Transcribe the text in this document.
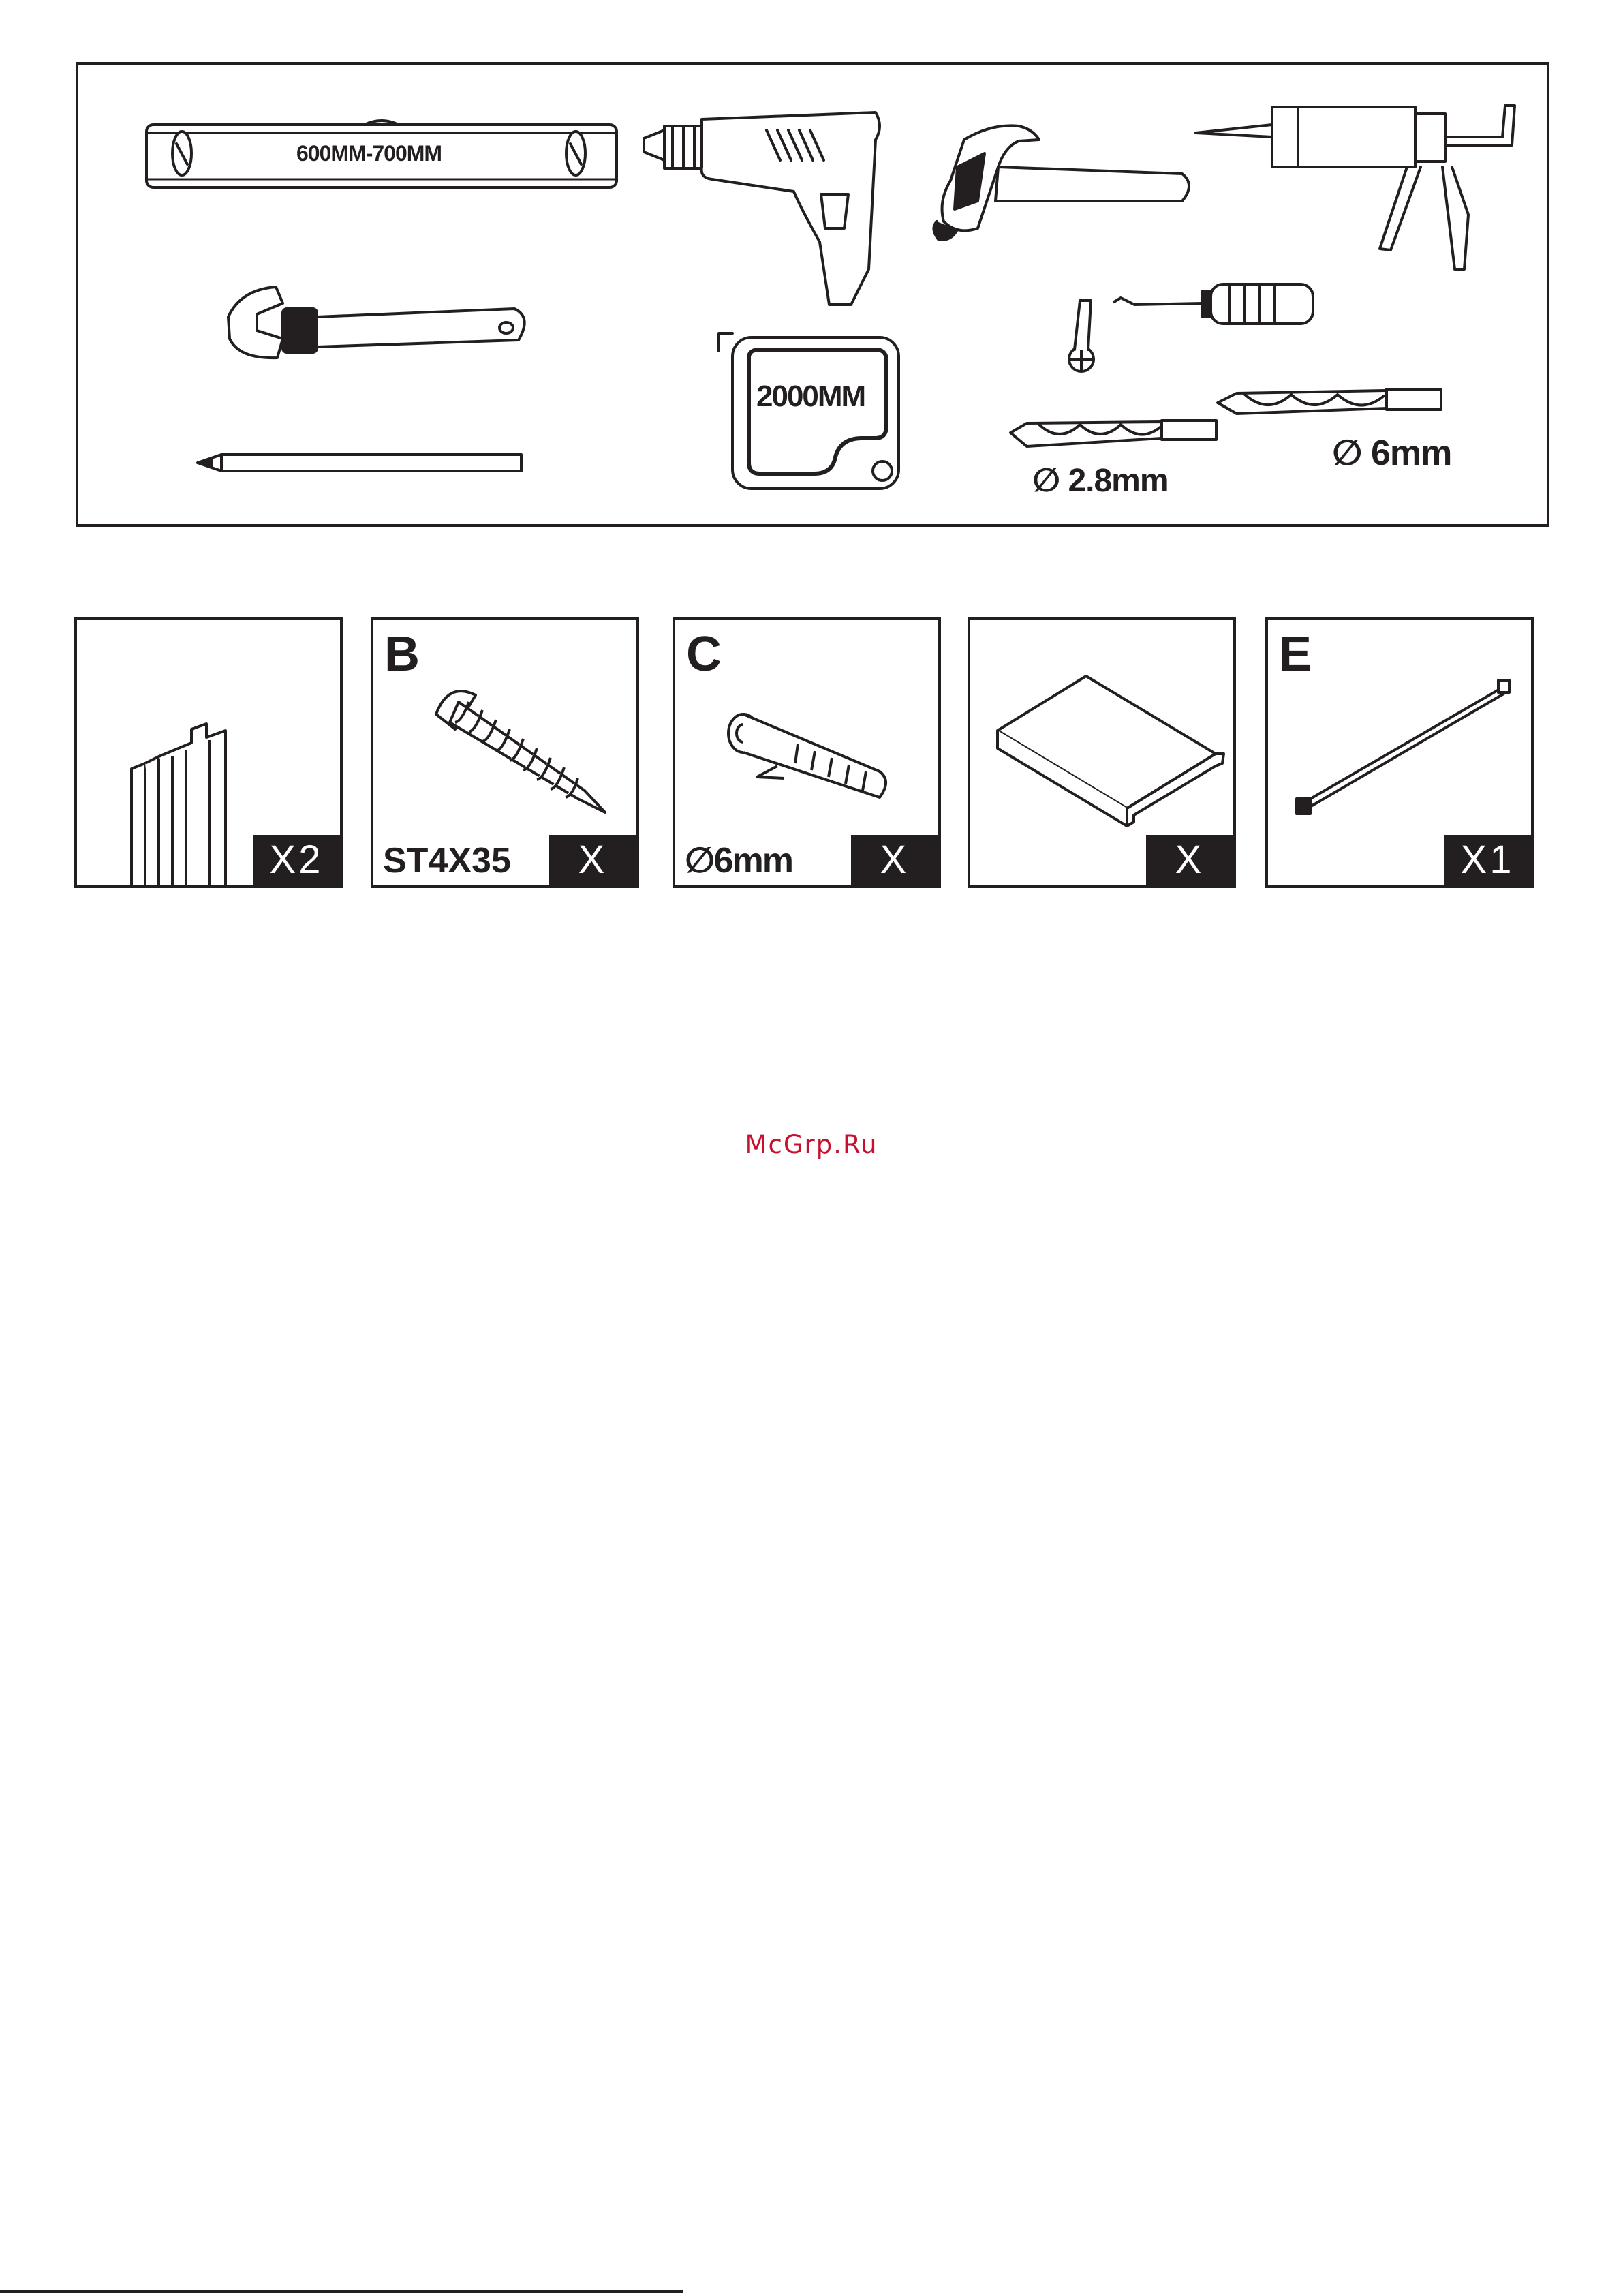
600MM-700MM
2000MM
∅ 2.8mm
∅ 6mm
X2
B
ST4X35	X
C
∅6mm	X	X
E
X1
McGrp.Ru
